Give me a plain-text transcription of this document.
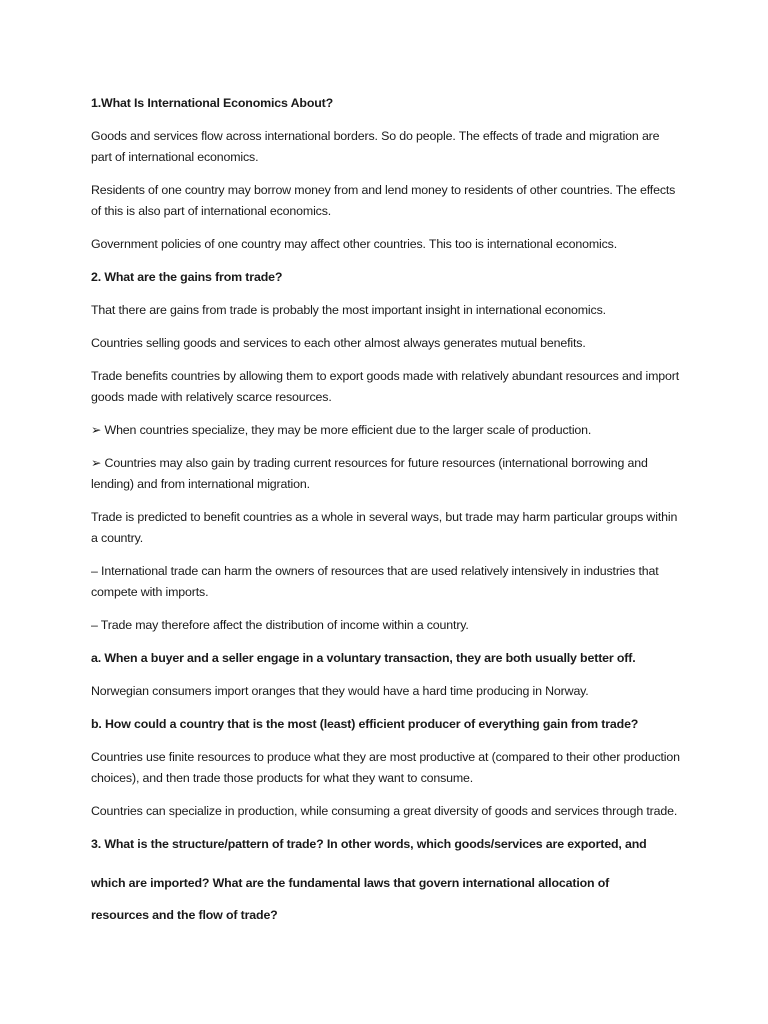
1.What Is International Economics About?

Goods and services flow across international borders. So do people. The effects of trade and migration are part of international economics.

Residents of one country may borrow money from and lend money to residents of other countries. The effects of this is also part of international economics.

Government policies of one country may affect other countries. This too is international economics.

2. What are the gains from trade?

That there are gains from trade is probably the most important insight in international economics.

Countries selling goods and services to each other almost always generates mutual benefits.

Trade benefits countries by allowing them to export goods made with relatively abundant resources and import goods made with relatively scarce resources.

➢ When countries specialize, they may be more efficient due to the larger scale of production.

➢ Countries may also gain by trading current resources for future resources (international borrowing and lending) and from international migration.

Trade is predicted to benefit countries as a whole in several ways, but trade may harm particular groups within a country.

– International trade can harm the owners of resources that are used relatively intensively in industries that compete with imports.

– Trade may therefore affect the distribution of income within a country.

a. When a buyer and a seller engage in a voluntary transaction, they are both usually better off.

Norwegian consumers import oranges that they would have a hard time producing in Norway.

b. How could a country that is the most (least) efficient producer of everything gain from trade?

Countries use finite resources to produce what they are most productive at (compared to their other production choices), and then trade those products for what they want to consume.

Countries can specialize in production, while consuming a great diversity of goods and services through trade.

3. What is the structure/pattern of trade? In other words, which goods/services are exported, and
which are imported? What are the fundamental laws that govern international allocation of
resources and the flow of trade?
